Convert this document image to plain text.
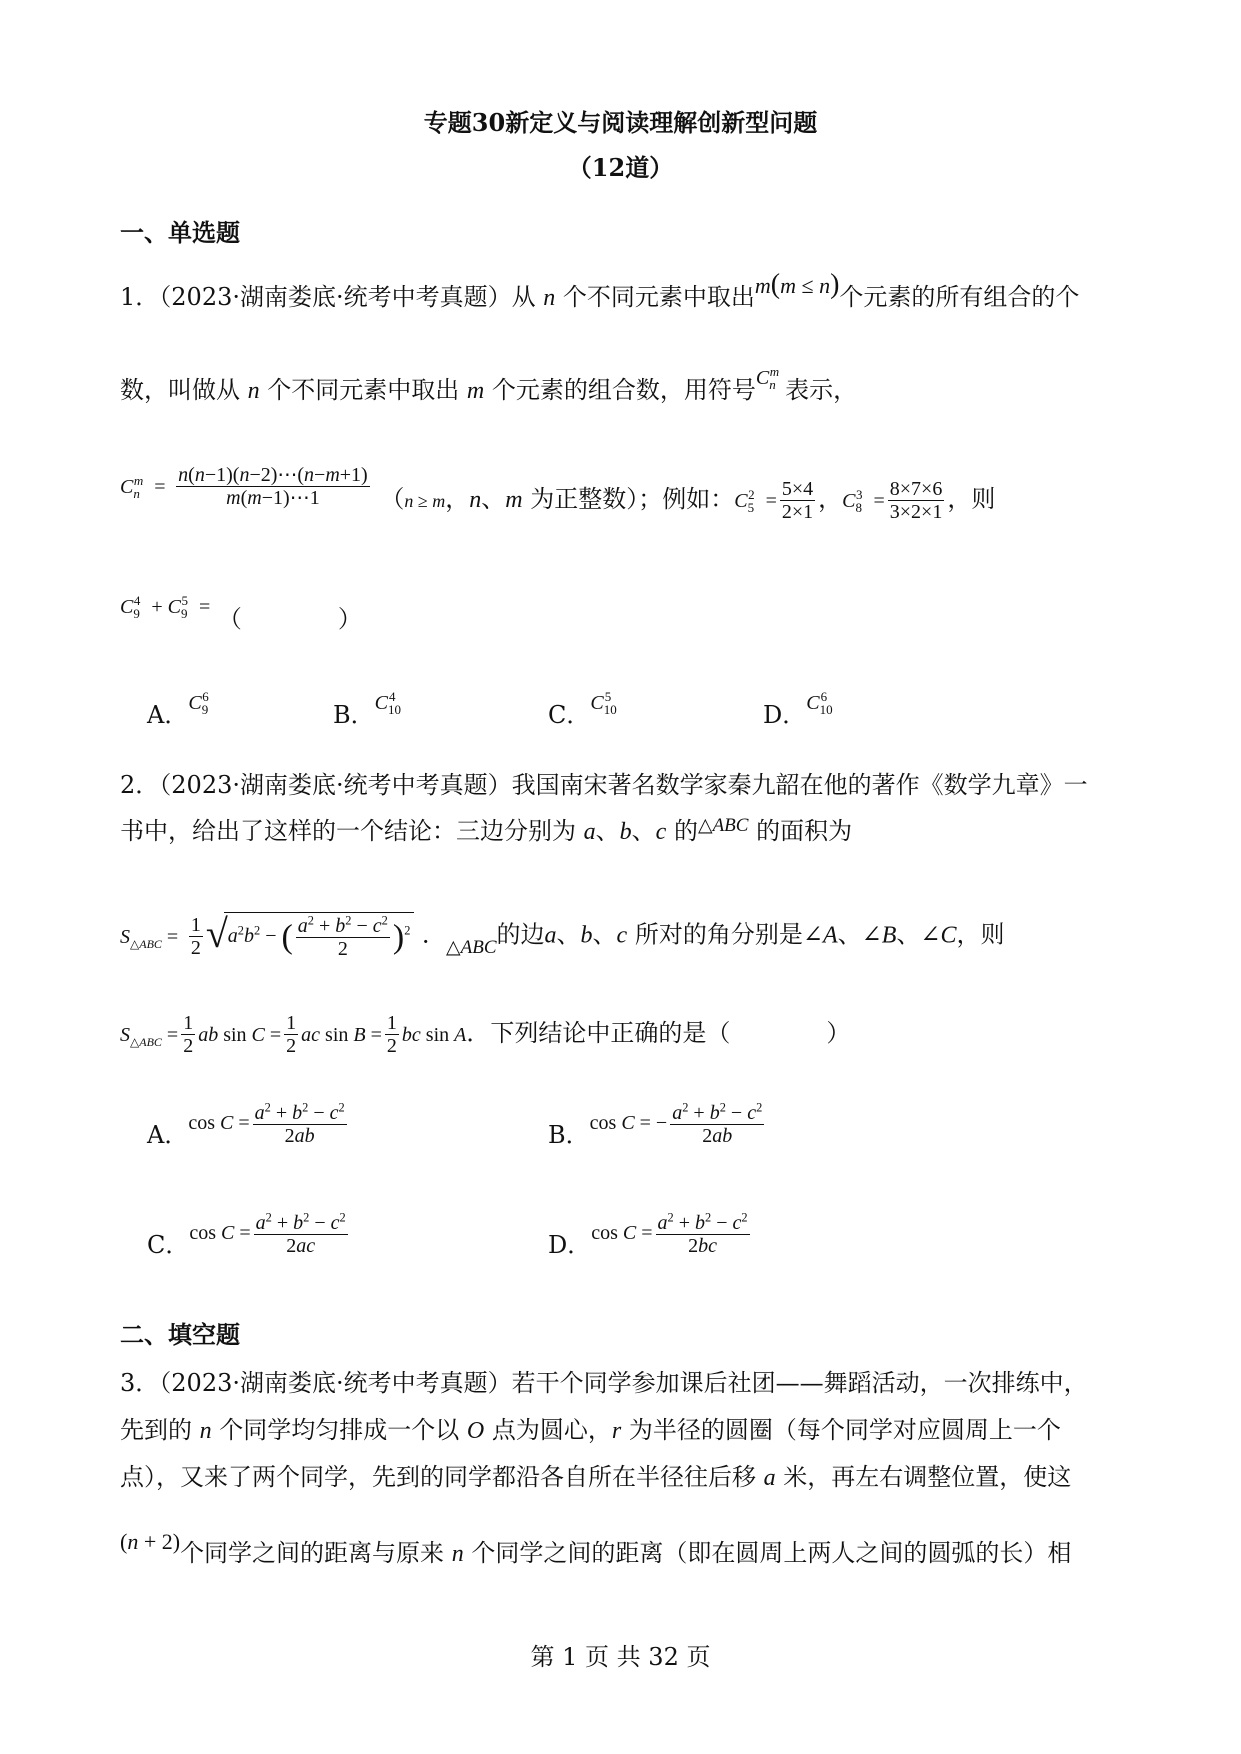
专题30新定义与阅读理解创新型问题
（12道）
一、单选题
1．（2023·湖南娄底·统考中考真题）从 n 个不同元素中取出m(m ≤ n)个元素的所有组合的个
数，叫做从 n 个不同元素中取出 m 个元素的组合数，用符号$^{C_n^m}$表示，
$^{C_n^m =} \frac{n(n-1)(n-2)\cdots(n-m+1)}{m(m-1)\cdots 1} (n \ge m$，n、m 为正整数）；例如：$C_5^2 = \frac{5\times 4}{2\times 1}$ ，$C_8^3 = \frac{8\times 7\times 6}{3\times 2\times 1}$ ，则
$^{C_9^4 + C_9^5 =}$ （　　　　）
A．$^{C_9^6}$
B．$^{C_{10}^4}$
C．$^{C_{10}^5}$
D．$^{C_{10}^6}$
2．（2023·湖南娄底·统考中考真题）我国南宋著名数学家秦九韶在他的著作《数学九章》一
书中，给出了这样的一个结论：三边分别为 a、b、c 的$^{\triangle ABC}$ 的面积为
$S_{\triangle ABC} = \frac{1}{2} √a^2b^2$ − ( $\frac{a^2 + b^2 - c^2}{2} )^2$ ．$_{\triangle ABC}$的边a、b、c 所对的角分别是∠A、∠B、∠C，则
$S_{\triangle ABC} = \frac{1}{2}$ ab $\sin C = \frac{1}{2}$ ac $\sin B = \frac{1}{2}$ bc sin A．下列结论中正确的是（　　　　）
A．$^{cos C = \frac{a^2 + b^2 - c^2}{2ab}}$	B．$^{cos C = - \frac{a^2 + b^2 - c^2}{2ab}}$
C．$^{cos C = \frac{a^2 + b^2 - c^2}{2ac}}$	D．$^{cos C = \frac{a^2 + b^2 - c^2}{2bc}}$
二、填空题
3．（2023·湖南娄底·统考中考真题）若干个同学参加课后社团——舞蹈活动，一次排练中，
先到的 n 个同学均匀排成一个以 O 点为圆心，r 为半径的圆圈（每个同学对应圆周上一个
点），又来了两个同学，先到的同学都沿各自所在半径往后移 a 米，再左右调整位置，使这
(n + 2)个同学之间的距离与原来 n 个同学之间的距离（即在圆周上两人之间的圆弧的长）相
第 1 页 共 32 页
